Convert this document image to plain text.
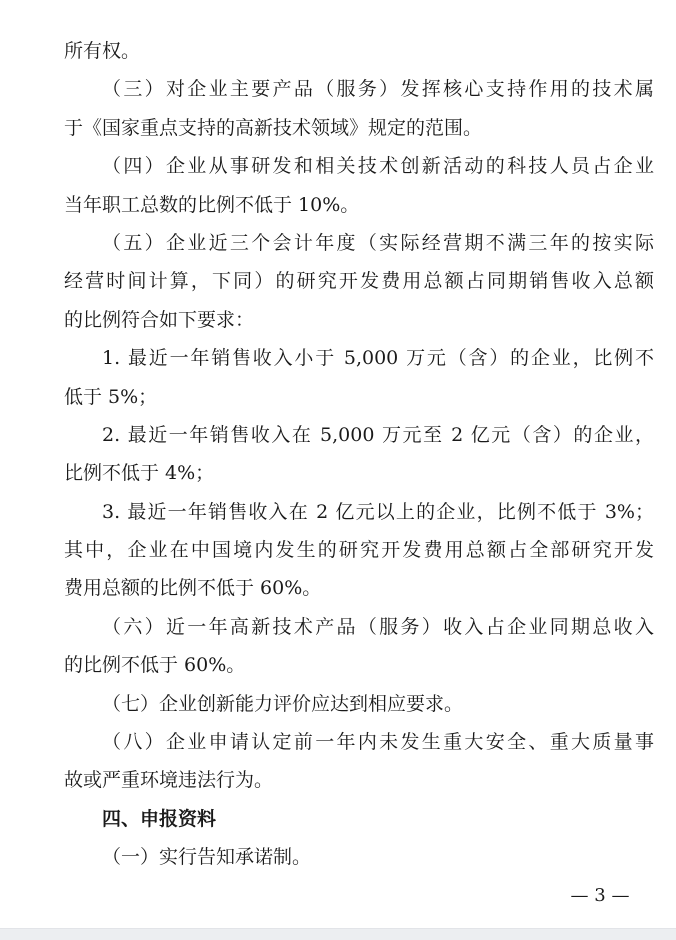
所有权。
（三）对企业主要产品（服务）发挥核心支持作用的技术属
于《国家重点支持的高新技术领域》规定的范围。
（四）企业从事研发和相关技术创新活动的科技人员占企业
当年职工总数的比例不低于 10%。
（五）企业近三个会计年度（实际经营期不满三年的按实际
经营时间计算，下同）的研究开发费用总额占同期销售收入总额
的比例符合如下要求：
1. 最近一年销售收入小于 5,000 万元（含）的企业，比例不
低于 5%；
2. 最近一年销售收入在 5,000 万元至 2 亿元（含）的企业，
比例不低于 4%；
3. 最近一年销售收入在 2 亿元以上的企业，比例不低于 3%；
其中，企业在中国境内发生的研究开发费用总额占全部研究开发
费用总额的比例不低于 60%。
（六）近一年高新技术产品（服务）收入占企业同期总收入
的比例不低于 60%。
（七）企业创新能力评价应达到相应要求。
（八）企业申请认定前一年内未发生重大安全、重大质量事
故或严重环境违法行为。
四、申报资料
（一）实行告知承诺制。
— 3 —
